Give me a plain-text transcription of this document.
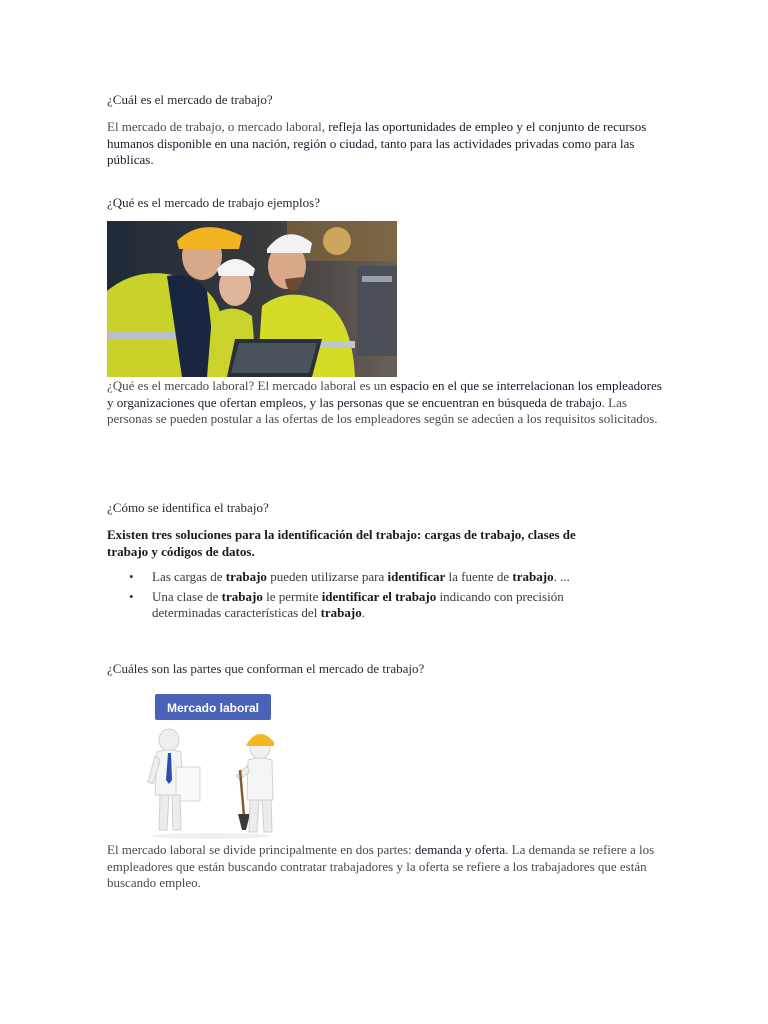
¿Cuál es el mercado de trabajo?

El mercado de trabajo, o mercado laboral, refleja las oportunidades de empleo y el conjunto de recursos humanos disponible en una nación, región o ciudad, tanto para las actividades privadas como para las públicas.

¿Qué es el mercado de trabajo ejemplos?

¿Qué es el mercado laboral? El mercado laboral es un espacio en el que se interrelacionan los empleadores y organizaciones que ofertan empleos, y las personas que se encuentran en búsqueda de trabajo. Las personas se pueden postular a las ofertas de los empleadores según se adecúen a los requisitos solicitados.

¿Cómo se identifica el trabajo?

Existen tres soluciones para la identificación del trabajo: cargas de trabajo, clases de trabajo y códigos de datos.

• Las cargas de trabajo pueden utilizarse para identificar la fuente de trabajo. ...
• Una clase de trabajo le permite identificar el trabajo indicando con precisión determinadas características del trabajo.
¿Cuáles son las partes que conforman el mercado de trabajo?
Mercado laboral

El mercado laboral se divide principalmente en dos partes: demanda y oferta. La demanda se refiere a los empleadores que están buscando contratar trabajadores y la oferta se refiere a los trabajadores que están buscando empleo.
